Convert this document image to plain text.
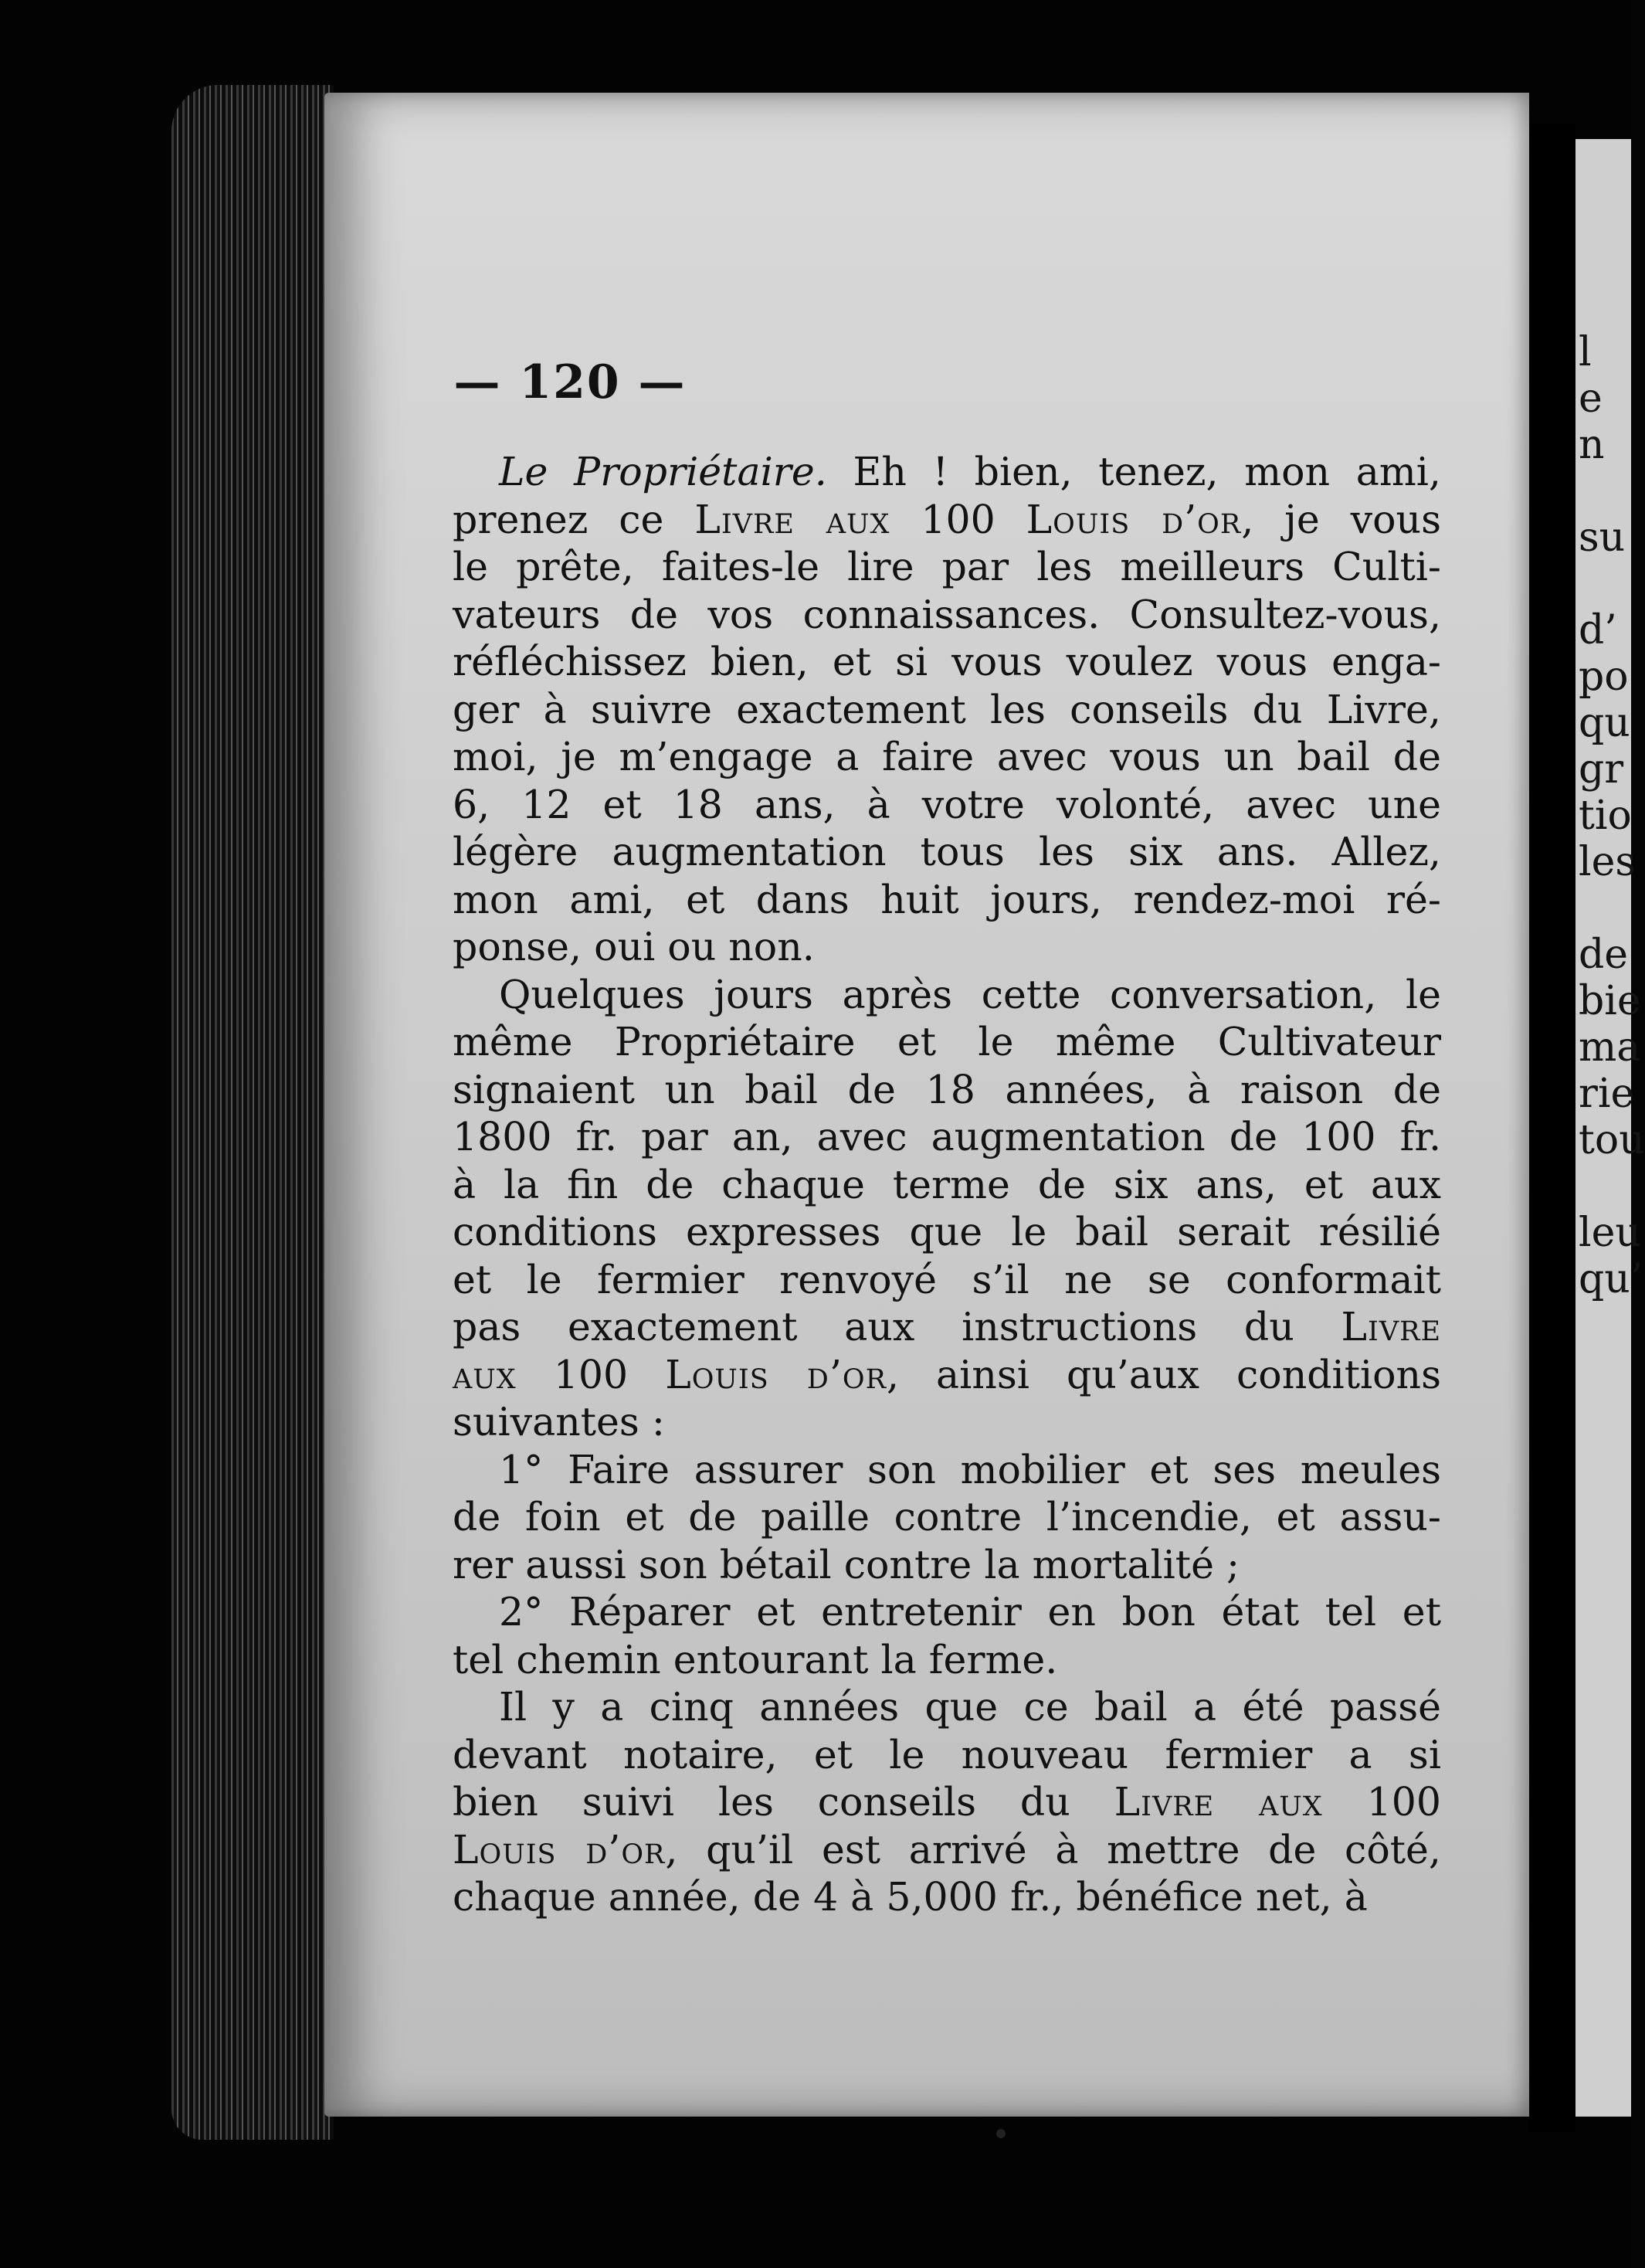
l
e
n
su
d’
po
qu
gr
tio
les
de
bie
ma
rie
tou
leu
qu’
— 120 —
Le Propriétaire. Eh ! bien, tenez, mon ami,
prenez ce Livre aux 100 Louis d’or, je vous
le prête, faites-le lire par les meilleurs Culti-
vateurs de vos connaissances. Consultez-vous,
réfléchissez bien, et si vous voulez vous enga-
ger à suivre exactement les conseils du Livre,
moi, je m’engage a faire avec vous un bail de
6, 12 et 18 ans, à votre volonté, avec une
légère augmentation tous les six ans. Allez,
mon ami, et dans huit jours, rendez-moi ré-
ponse, oui ou non.
Quelques jours après cette conversation, le
même Propriétaire et le même Cultivateur
signaient un bail de 18 années, à raison de
1800 fr. par an, avec augmentation de 100 fr.
à la fin de chaque terme de six ans, et aux
conditions expresses que le bail serait résilié
et le fermier renvoyé s’il ne se conformait
pas exactement aux instructions du Livre
aux 100 Louis d’or, ainsi qu’aux conditions
suivantes :
1° Faire assurer son mobilier et ses meules
de foin et de paille contre l’incendie, et assu-
rer aussi son bétail contre la mortalité ;
2° Réparer et entretenir en bon état tel et
tel chemin entourant la ferme.
Il y a cinq années que ce bail a été passé
devant notaire, et le nouveau fermier a si
bien suivi les conseils du Livre aux 100
Louis d’or, qu’il est arrivé à mettre de côté,
chaque année, de 4 à 5,000 fr., bénéfice net, à
